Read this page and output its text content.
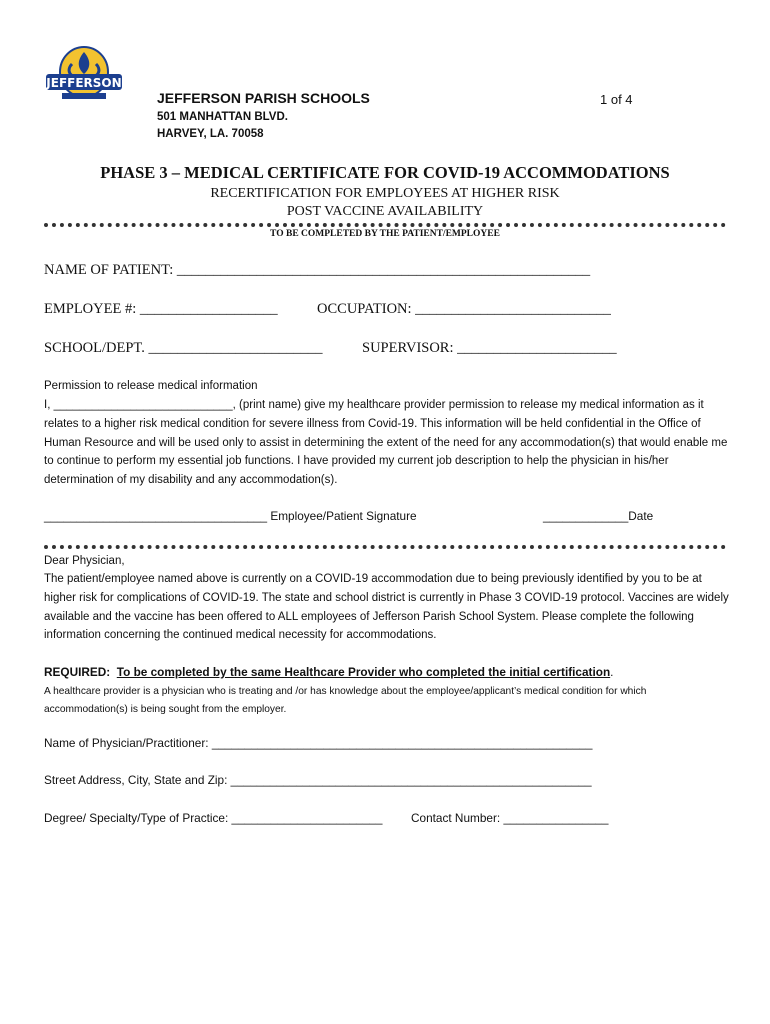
JEFFERSON
JEFFERSON PARISH SCHOOLS	1 of 4
501 MANHATTAN BLVD.
HARVEY, LA. 70058
PHASE 3 – MEDICAL CERTIFICATE FOR COVID-19 ACCOMMODATIONS
RECERTIFICATION FOR EMPLOYEES AT HIGHER RISK
POST VACCINE AVAILABILITY
TO BE COMPLETED BY THE PATIENT/EMPLOYEE
NAME OF PATIENT: _________________________________________________________
EMPLOYEE #: ___________________	OCCUPATION: ___________________________
SCHOOL/DEPT. ________________________	SUPERVISOR: ______________________
Permission to release medical information
I, ____________________________, (print name) give my healthcare provider permission to release my medical information as it relates to a higher risk medical condition for severe illness from Covid-19. This information will be held confidential in the Office of Human Resource and will be used only to assist in determining the extent of the need for any accommodation(s) that would enable me to continue to perform my essential job functions. I have provided my current job description to help the physician in his/her determination of my disability and any accommodation(s).
__________________________________ Employee/Patient Signature	_____________Date
Dear Physician,
The patient/employee named above is currently on a COVID-19 accommodation due to being previously identified by you to be at higher risk for complications of COVID-19. The state and school district is currently in Phase 3 COVID-19 protocol. Vaccines are widely available and the vaccine has been offered to ALL employees of Jefferson Parish School System. Please complete the following information concerning the continued medical necessity for accommodations.
REQUIRED: To be completed by the same Healthcare Provider who completed the initial certification.
A healthcare provider is a physician who is treating and /or has knowledge about the employee/applicant’s medical condition for which accommodation(s) is being sought from the employer.
Name of Physician/Practitioner: __________________________________________________________
Street Address, City, State and Zip: _______________________________________________________
Degree/ Specialty/Type of Practice: _______________________ Contact Number: ________________
